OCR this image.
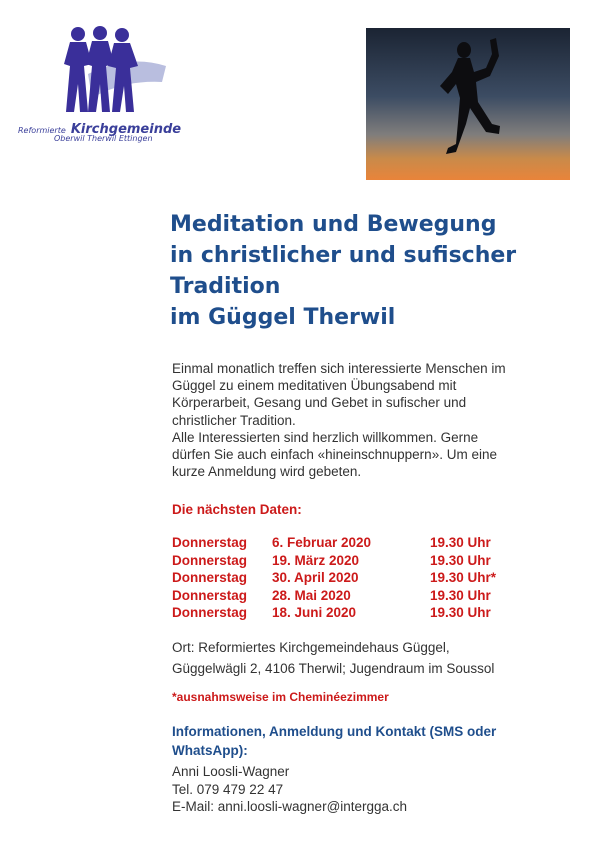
Reformierte Kirchgemeinde
Oberwil Therwil Ettingen
Meditation und Bewegung
in christlicher und sufischer
Tradition
im Güggel Therwil
Einmal monatlich treffen sich interessierte Menschen im
Güggel zu einem meditativen Übungsabend mit
Körperarbeit, Gesang und Gebet in sufischer und
christlicher Tradition.
Alle Interessierten sind herzlich willkommen. Gerne
dürfen Sie auch einfach «hineinschnuppern». Um eine
kurze Anmeldung wird gebeten.
Die nächsten Daten:
Donnerstag 6. Februar 2020	19.30 Uhr
Donnerstag 19. März 2020	19.30 Uhr
Donnerstag 30. April 2020	19.30 Uhr*
Donnerstag 28. Mai 2020	19.30 Uhr
Donnerstag 18. Juni 2020	19.30 Uhr
Ort: Reformiertes Kirchgemeindehaus Güggel,
Güggelwägli 2, 4106 Therwil; Jugendraum im Soussol
*ausnahmsweise im Cheminéezimmer
Informationen, Anmeldung und Kontakt (SMS oder
WhatsApp):
Anni Loosli-Wagner
Tel. 079 479 22 47
E-Mail: anni.loosli-wagner@intergga.ch
